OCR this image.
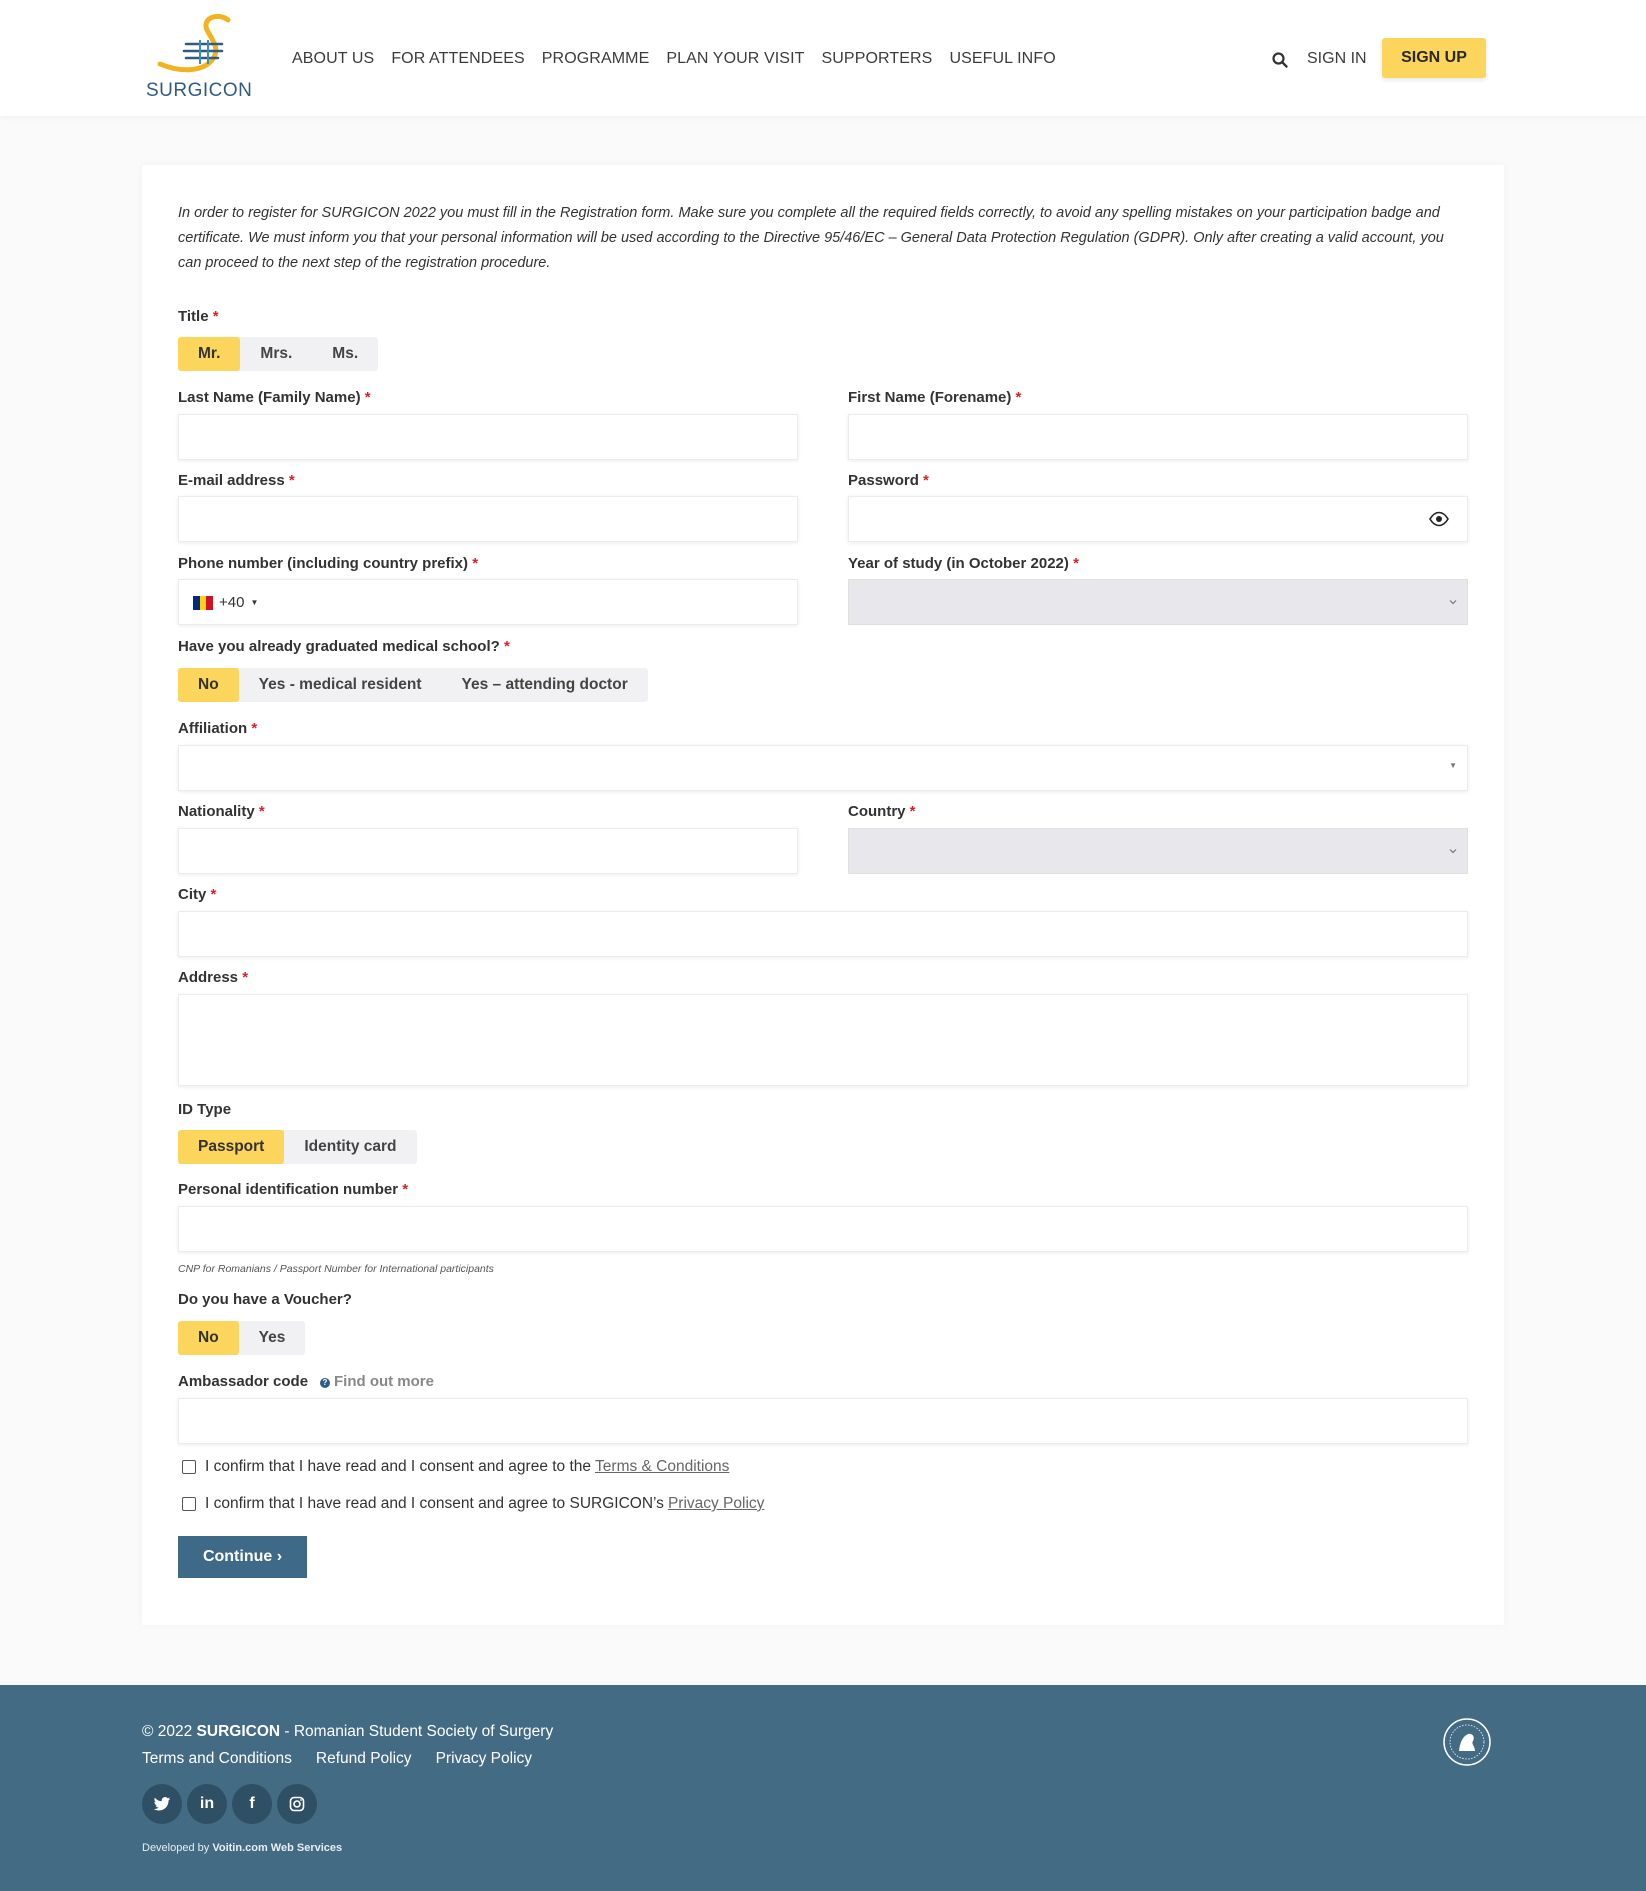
SURGICON
ABOUT US FOR ATTENDEES PROGRAMME PLAN YOUR VISIT SUPPORTERS USEFUL INFO	SIGN IN	SIGN UP

In order to register for SURGICON 2022 you must fill in the Registration form. Make sure you complete all the required fields correctly, to avoid any spelling mistakes on your participation badge and certificate. We must inform you that your personal information will be used according to the Directive 95/46/EC – General Data Protection Regulation (GDPR). Only after creating a valid account, you can proceed to the next step of the registration procedure.

Title *
Mr.	Mrs.	Ms.
Last Name (Family Name) *	First Name (Forename) *
E-mail address *	Password *
Phone number (including country prefix) *
+40 ▼
Year of study (in October 2022) *
Have you already graduated medical school? *
No	Yes - medical resident	Yes – attending doctor
Affiliation *
▼
Nationality *	Country *
City *
Address *
ID Type
Passport	Identity card
Personal identification number *
CNP for Romanians / Passport Number for International participants
Do you have a Voucher?
No	Yes
Ambassador code	? Find out more
I confirm that I have read and I consent and agree to the Terms & Conditions
I confirm that I have read and I consent and agree to SURGICON’s Privacy Policy
Continue ›
© 2022 SURGICON - Romanian Student Society of Surgery
Terms and Conditions Refund Policy Privacy Policy
in	f
Developed by Voitin.com Web Services
